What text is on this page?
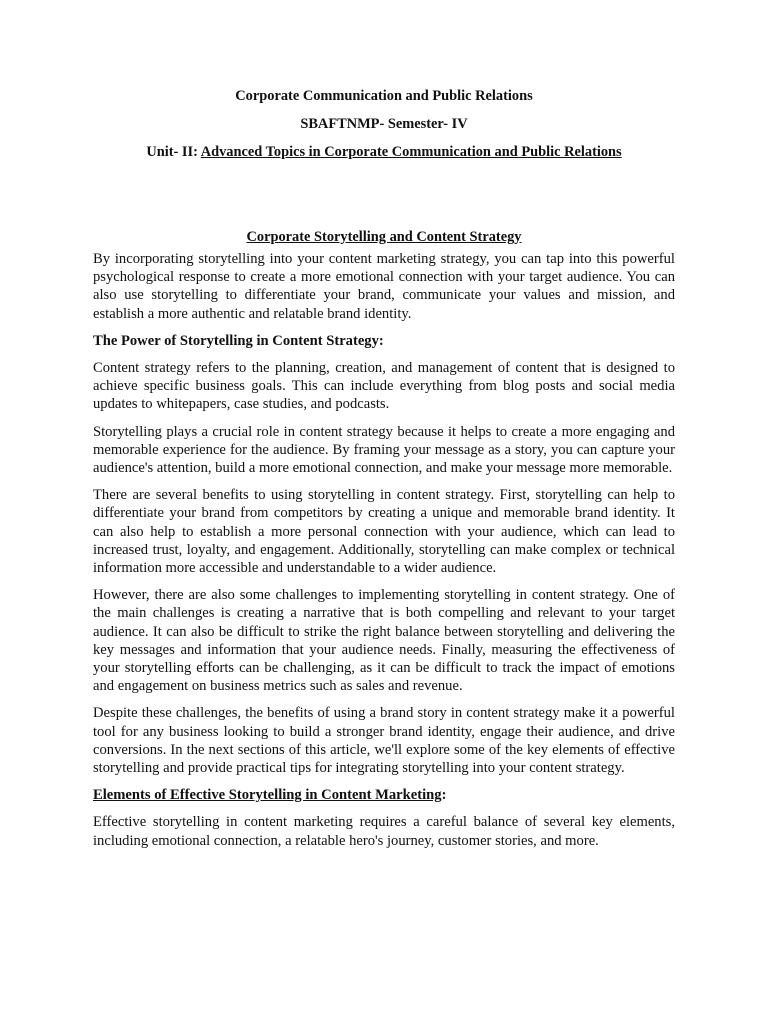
Corporate Communication and Public Relations
SBAFTNMP- Semester- IV
Unit- II: Advanced Topics in Corporate Communication and Public Relations
Corporate Storytelling and Content Strategy

By incorporating storytelling into your content marketing strategy, you can tap into this powerful psychological response to create a more emotional connection with your target audience. You can also use storytelling to differentiate your brand, communicate your values and mission, and establish a more authentic and relatable brand identity.

The Power of Storytelling in Content Strategy:

Content strategy refers to the planning, creation, and management of content that is designed to achieve specific business goals. This can include everything from blog posts and social media updates to whitepapers, case studies, and podcasts.

Storytelling plays a crucial role in content strategy because it helps to create a more engaging and memorable experience for the audience. By framing your message as a story, you can capture your audience's attention, build a more emotional connection, and make your message more memorable.

There are several benefits to using storytelling in content strategy. First, storytelling can help to differentiate your brand from competitors by creating a unique and memorable brand identity. It can also help to establish a more personal connection with your audience, which can lead to increased trust, loyalty, and engagement. Additionally, storytelling can make complex or technical information more accessible and understandable to a wider audience.

However, there are also some challenges to implementing storytelling in content strategy. One of the main challenges is creating a narrative that is both compelling and relevant to your target audience. It can also be difficult to strike the right balance between storytelling and delivering the key messages and information that your audience needs. Finally, measuring the effectiveness of your storytelling efforts can be challenging, as it can be difficult to track the impact of emotions and engagement on business metrics such as sales and revenue.

Despite these challenges, the benefits of using a brand story in content strategy make it a powerful tool for any business looking to build a stronger brand identity, engage their audience, and drive conversions. In the next sections of this article, we'll explore some of the key elements of effective storytelling and provide practical tips for integrating storytelling into your content strategy.

Elements of Effective Storytelling in Content Marketing:

Effective storytelling in content marketing requires a careful balance of several key elements, including emotional connection, a relatable hero's journey, customer stories, and more.
